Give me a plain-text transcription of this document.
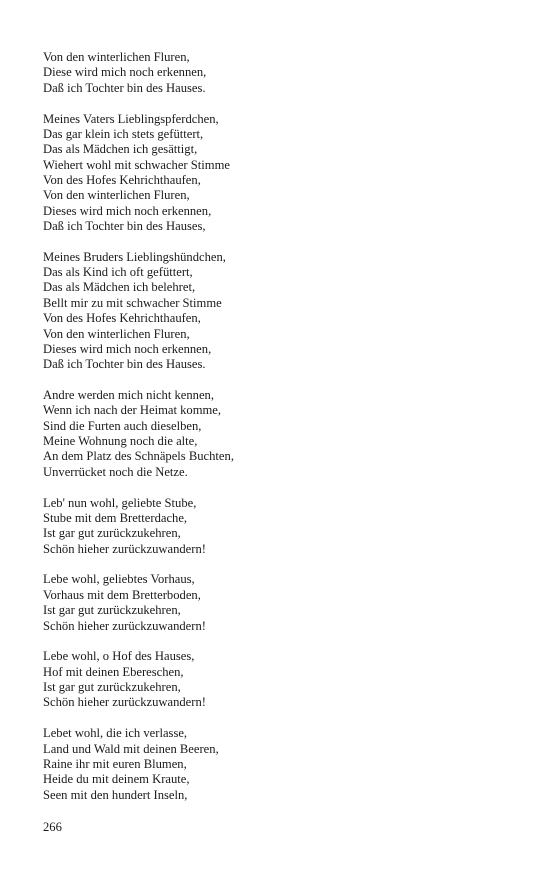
Von den winterlichen Fluren,
Diese wird mich noch erkennen,
Daß ich Tochter bin des Hauses.
Meines Vaters Lieblingspferdchen,
Das gar klein ich stets gefüttert,
Das als Mädchen ich gesättigt,
Wiehert wohl mit schwacher Stimme
Von des Hofes Kehrichthaufen,
Von den winterlichen Fluren,
Dieses wird mich noch erkennen,
Daß ich Tochter bin des Hauses,
Meines Bruders Lieblingshündchen,
Das als Kind ich oft gefüttert,
Das als Mädchen ich belehret,
Bellt mir zu mit schwacher Stimme
Von des Hofes Kehrichthaufen,
Von den winterlichen Fluren,
Dieses wird mich noch erkennen,
Daß ich Tochter bin des Hauses.
Andre werden mich nicht kennen,
Wenn ich nach der Heimat komme,
Sind die Furten auch dieselben,
Meine Wohnung noch die alte,
An dem Platz des Schnäpels Buchten,
Unverrücket noch die Netze.
Leb' nun wohl, geliebte Stube,
Stube mit dem Bretterdache,
Ist gar gut zurückzukehren,
Schön hieher zurückzuwandern!
Lebe wohl, geliebtes Vorhaus,
Vorhaus mit dem Bretterboden,
Ist gar gut zurückzukehren,
Schön hieher zurückzuwandern!
Lebe wohl, o Hof des Hauses,
Hof mit deinen Ebereschen,
Ist gar gut zurückzukehren,
Schön hieher zurückzuwandern!
Lebet wohl, die ich verlasse,
Land und Wald mit deinen Beeren,
Raine ihr mit euren Blumen,
Heide du mit deinem Kraute,
Seen mit den hundert Inseln,
266
